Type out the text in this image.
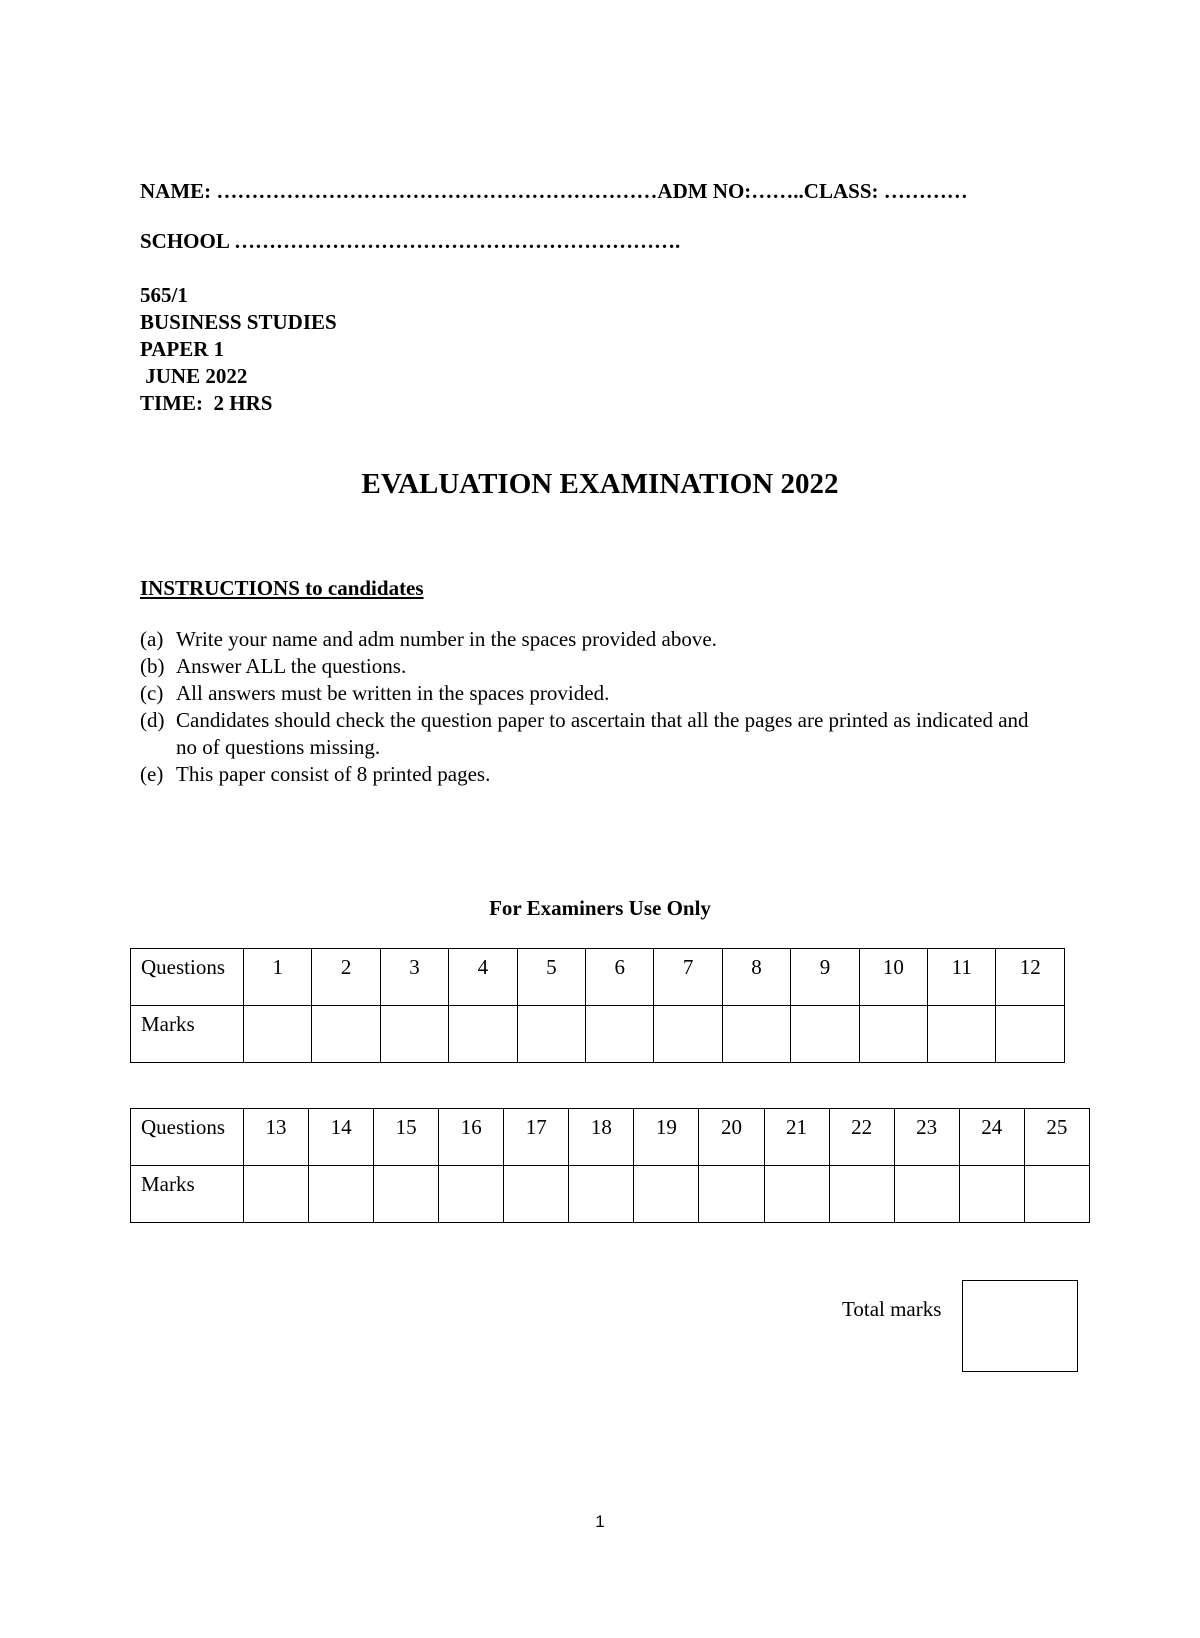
NAME: ………………………………………………………ADM NO:……..CLASS: …………
SCHOOL ……………………………………………………….
565/1
BUSINESS STUDIES
PAPER 1
JUNE 2022
TIME:  2 HRS
EVALUATION EXAMINATION 2022
INSTRUCTIONS to candidates
(a) Write your name and adm number in the spaces provided above.
(b) Answer ALL the questions.
(c) All answers must be written in the spaces provided.
(d) Candidates should check the question paper to ascertain that all the pages are printed as indicated and no of questions missing.
(e) This paper consist of 8 printed pages.
For Examiners Use Only
Questions	1	2	3	4	5	6	7	8	9	10	11	12
Marks												
Questions	13	14	15	16	17	18	19	20	21	22	23	24	25
Marks													
Total marks
1
